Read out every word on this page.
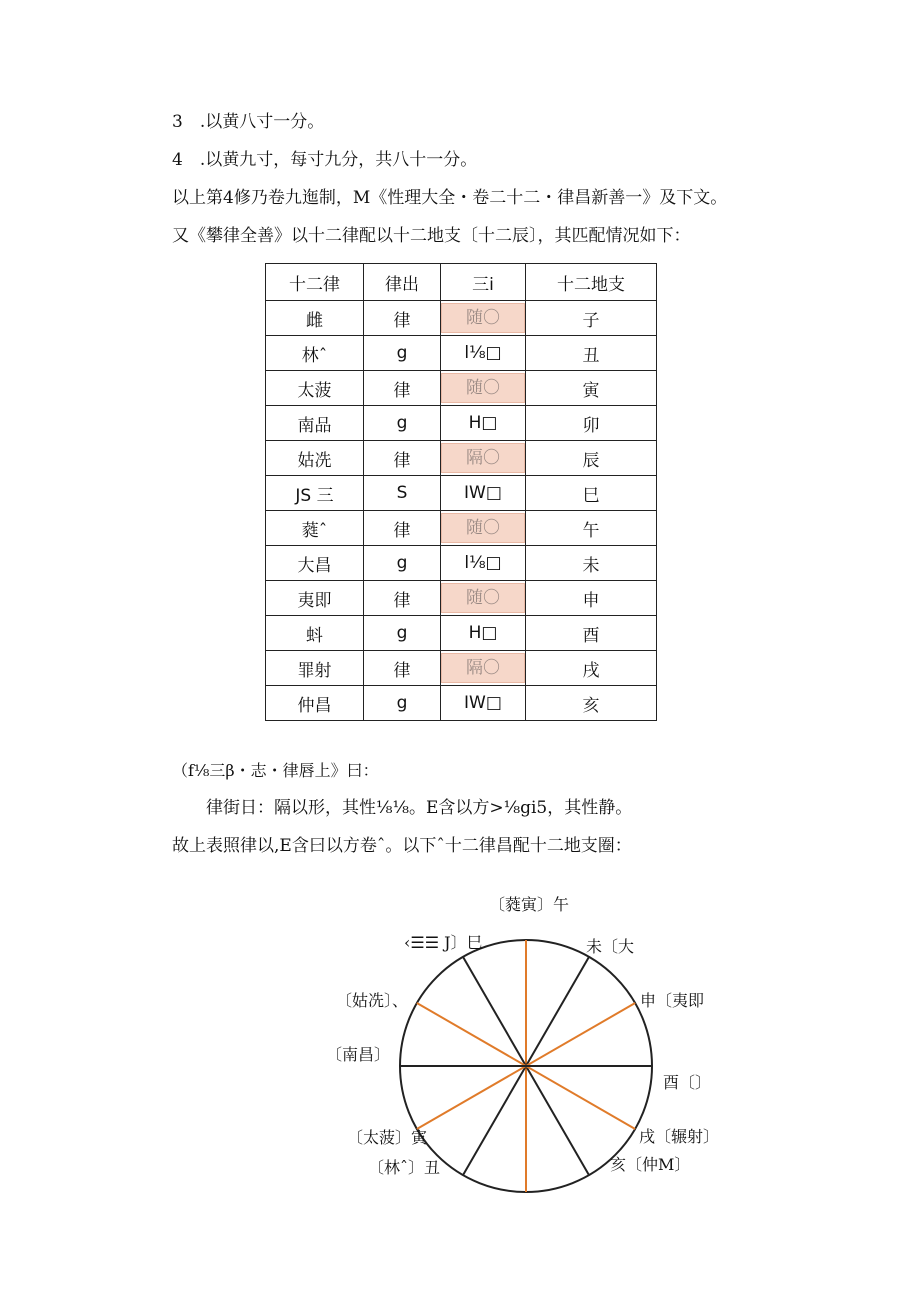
3　.以黄八寸一分。
4　.以黄九寸，每寸九分，共八十一分。
以上第4修乃卷九迤制，M《性理大全・卷二十二・律昌新善一》及下文。
又《攀律全善》以十二律配以十二地支〔十二辰〕，其匹配情况如下：
十二律	律出	三i	十二地支
雌	律	随〇	子
林ˆ	g	l⅛□	丑
太菠	律	随〇	寅
南品	g	H□	卯
姑冼	律	隔〇	辰
JS 三	S	IW□	巳
蕤ˆ	律	随〇	午
大昌	g	l⅛□	未
夷即	律	随〇	申
蚪	g	H□	酉
罪射	律	隔〇	戌
仲昌	g	IW□	亥
（f⅛三β・志・律唇上》曰：
律街日：隔以形，其性⅛⅛。E含以方>⅛gi5，其性静。
故上表照律以,E含曰以方卷ˆ。以下ˆ十二律昌配十二地支圈：
〔蕤寅〕午
‹☰☰ J〕巳	未〔大
〔姑冼〕、	申〔夷即
〔南昌〕
酉〔〕
〔太菠〕寅	戌〔辗射〕
〔林ˆ〕丑	亥〔仲M〕
